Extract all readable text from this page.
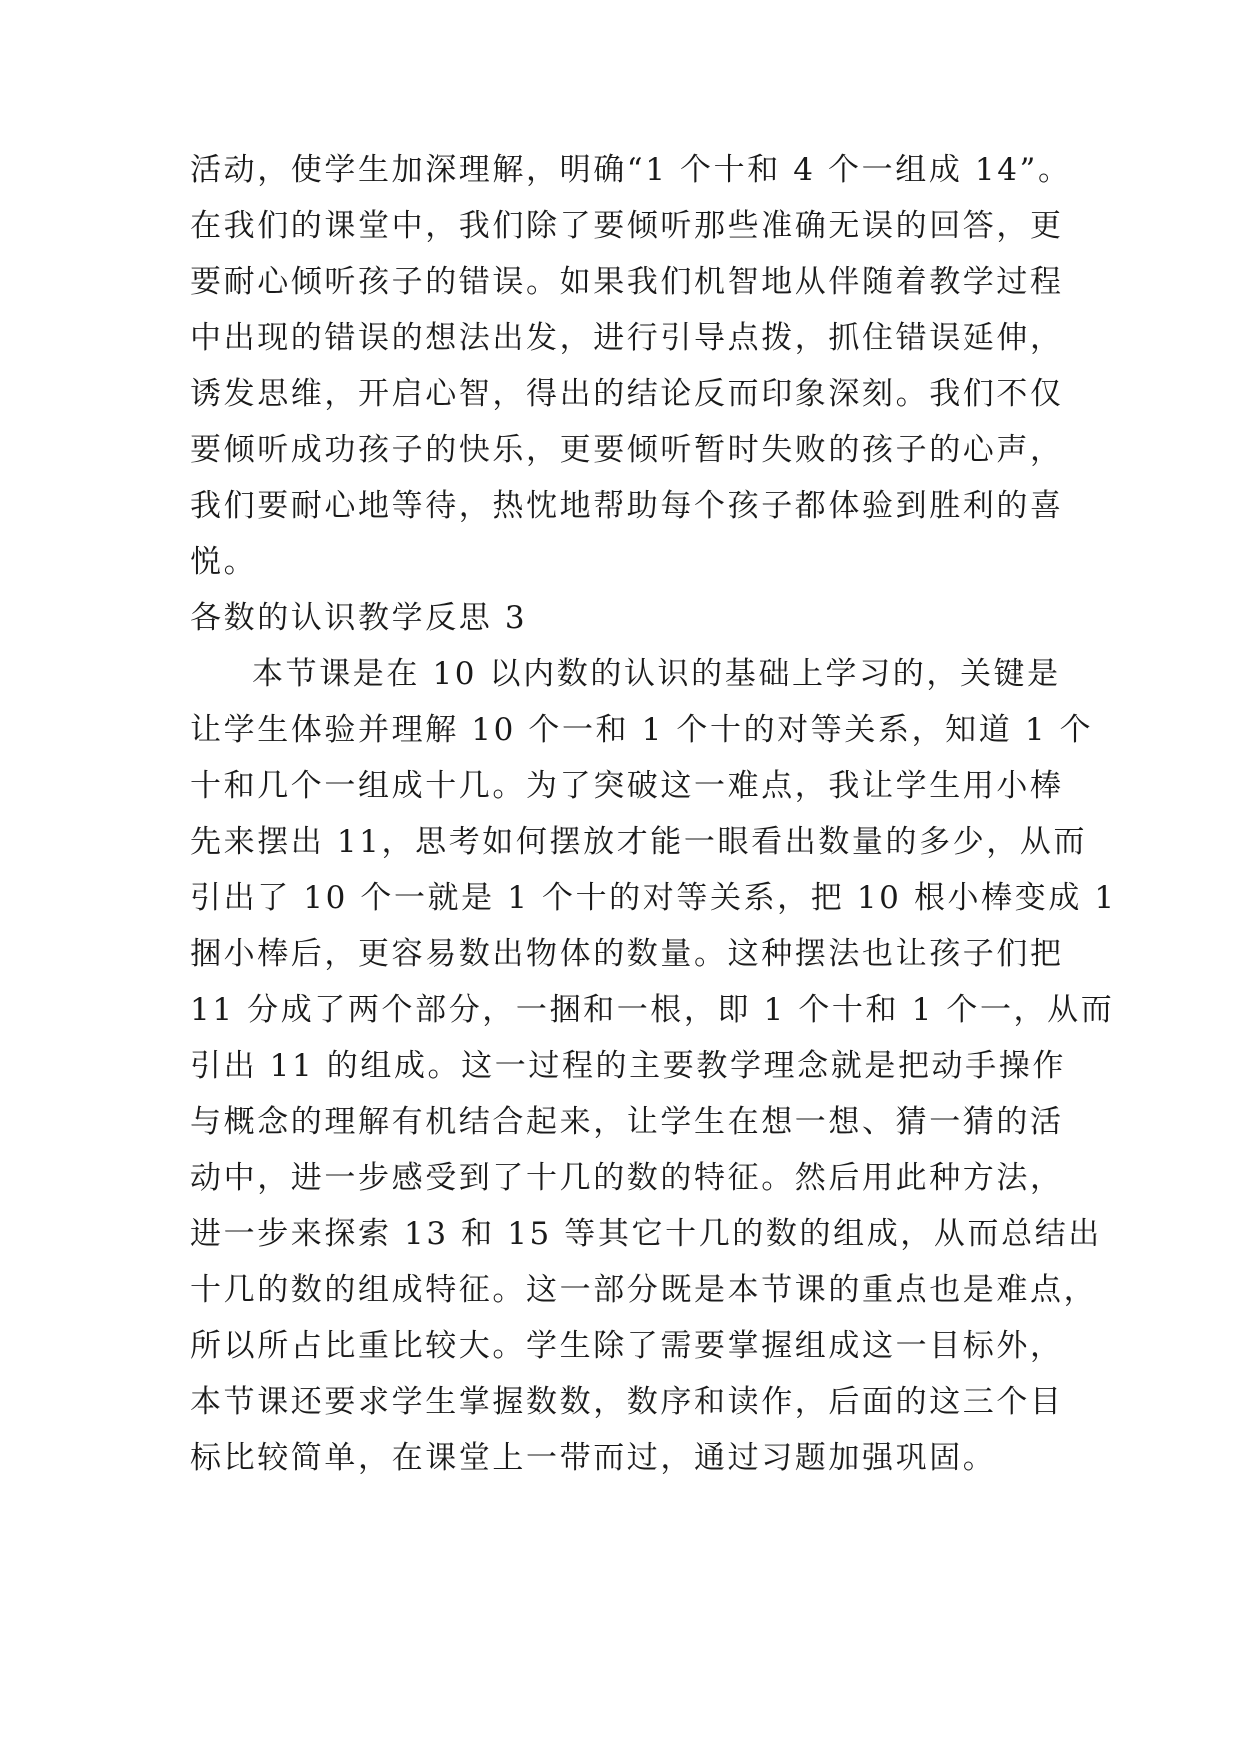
活动，使学生加深理解，明确“1 个十和 4 个一组成 14”。
在我们的课堂中，我们除了要倾听那些准确无误的回答，更
要耐心倾听孩子的错误。如果我们机智地从伴随着教学过程
中出现的错误的想法出发，进行引导点拨，抓住错误延伸，
诱发思维，开启心智，得出的结论反而印象深刻。我们不仅
要倾听成功孩子的快乐，更要倾听暂时失败的孩子的心声，
我们要耐心地等待，热忱地帮助每个孩子都体验到胜利的喜
悦。
各数的认识教学反思 3
本节课是在 10 以内数的认识的基础上学习的，关键是
让学生体验并理解 10 个一和 1 个十的对等关系，知道 1 个
十和几个一组成十几。为了突破这一难点，我让学生用小棒
先来摆出 11，思考如何摆放才能一眼看出数量的多少，从而
引出了 10 个一就是 1 个十的对等关系，把 10 根小棒变成 1
捆小棒后，更容易数出物体的数量。这种摆法也让孩子们把
11 分成了两个部分，一捆和一根，即 1 个十和 1 个一，从而
引出 11 的组成。这一过程的主要教学理念就是把动手操作
与概念的理解有机结合起来，让学生在想一想、猜一猜的活
动中，进一步感受到了十几的数的特征。然后用此种方法，
进一步来探索 13 和 15 等其它十几的数的组成，从而总结出
十几的数的组成特征。这一部分既是本节课的重点也是难点，
所以所占比重比较大。学生除了需要掌握组成这一目标外，
本节课还要求学生掌握数数，数序和读作，后面的这三个目
标比较简单，在课堂上一带而过，通过习题加强巩固。
